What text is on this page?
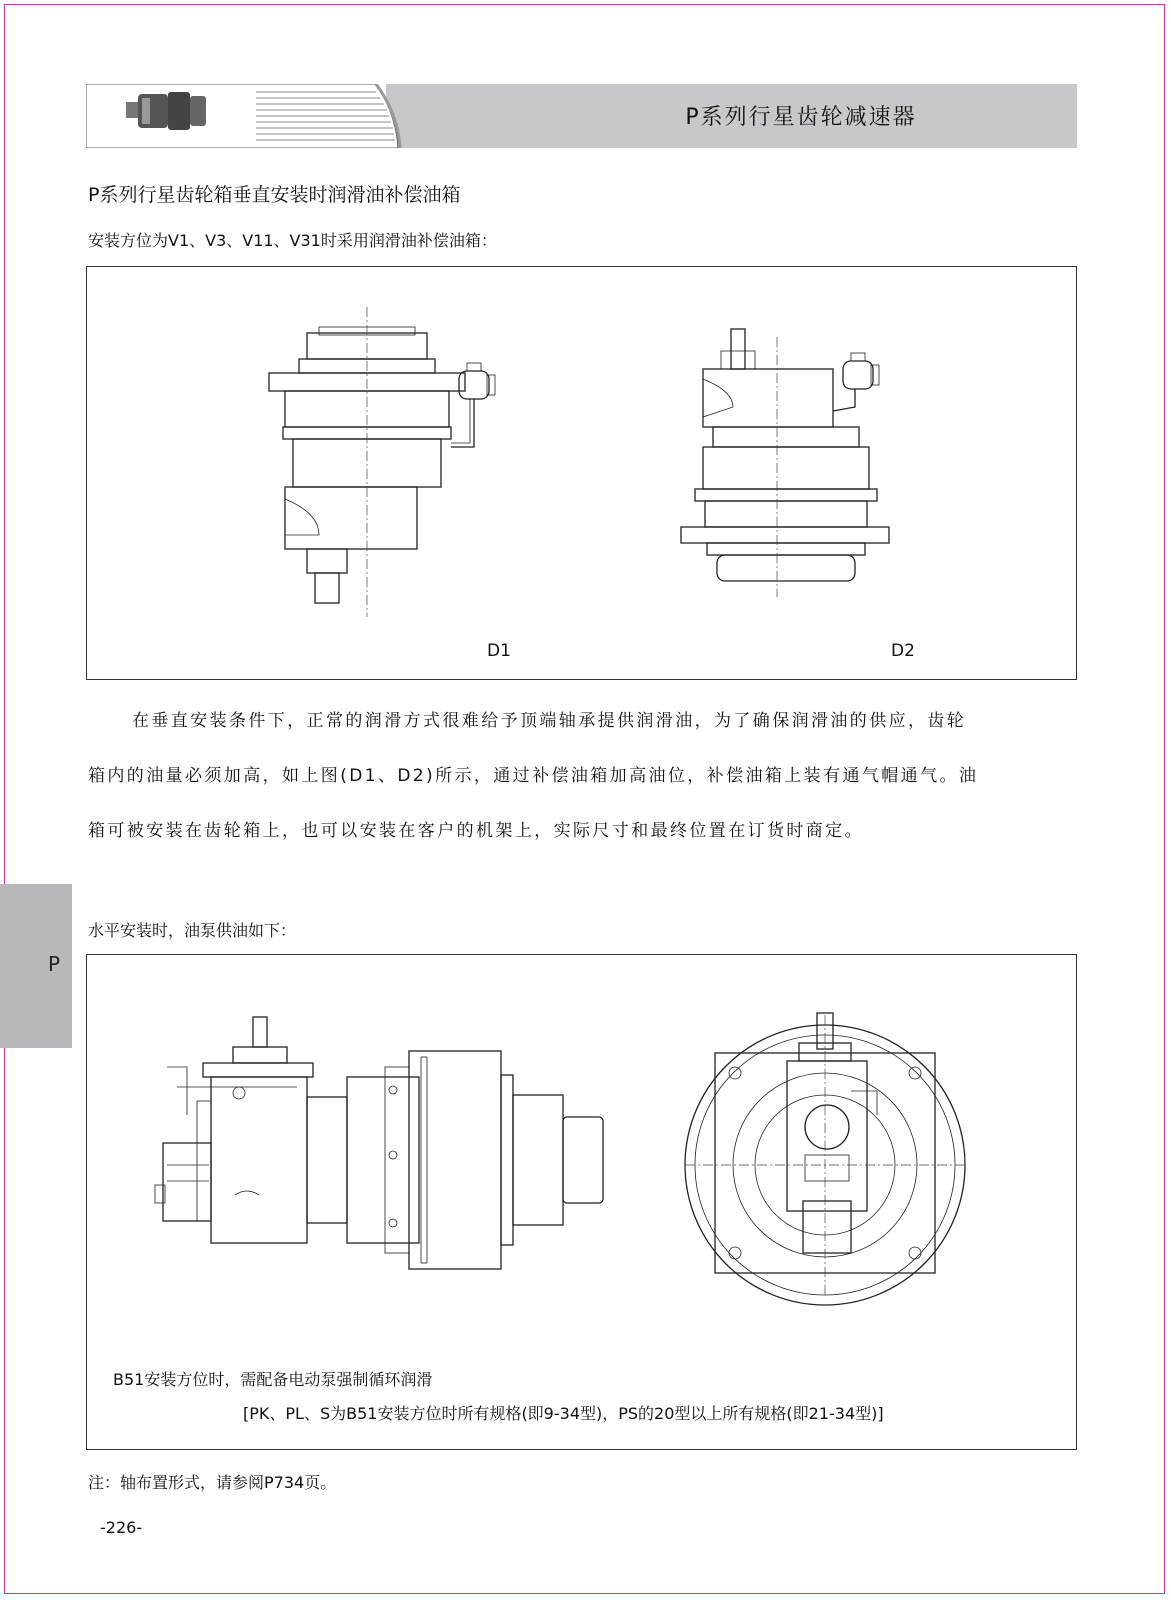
P系列行星齿轮减速器
P系列行星齿轮箱垂直安装时润滑油补偿油箱
安装方位为V1、V3、V11、V31时采用润滑油补偿油箱：
D1	D2
在垂直安装条件下，正常的润滑方式很难给予顶端轴承提供润滑油，为了确保润滑油的供应，齿轮
箱内的油量必须加高，如上图(D1、D2)所示，通过补偿油箱加高油位，补偿油箱上装有通气帽通气。油
箱可被安装在齿轮箱上，也可以安装在客户的机架上，实际尺寸和最终位置在订货时商定。
P
水平安装时，油泵供油如下：
B51安装方位时，需配备电动泵强制循环润滑
[PK、PL、S为B51安装方位时所有规格(即9-34型)，PS的20型以上所有规格(即21-34型)]
注：轴布置形式，请参阅P734页。
-226-
